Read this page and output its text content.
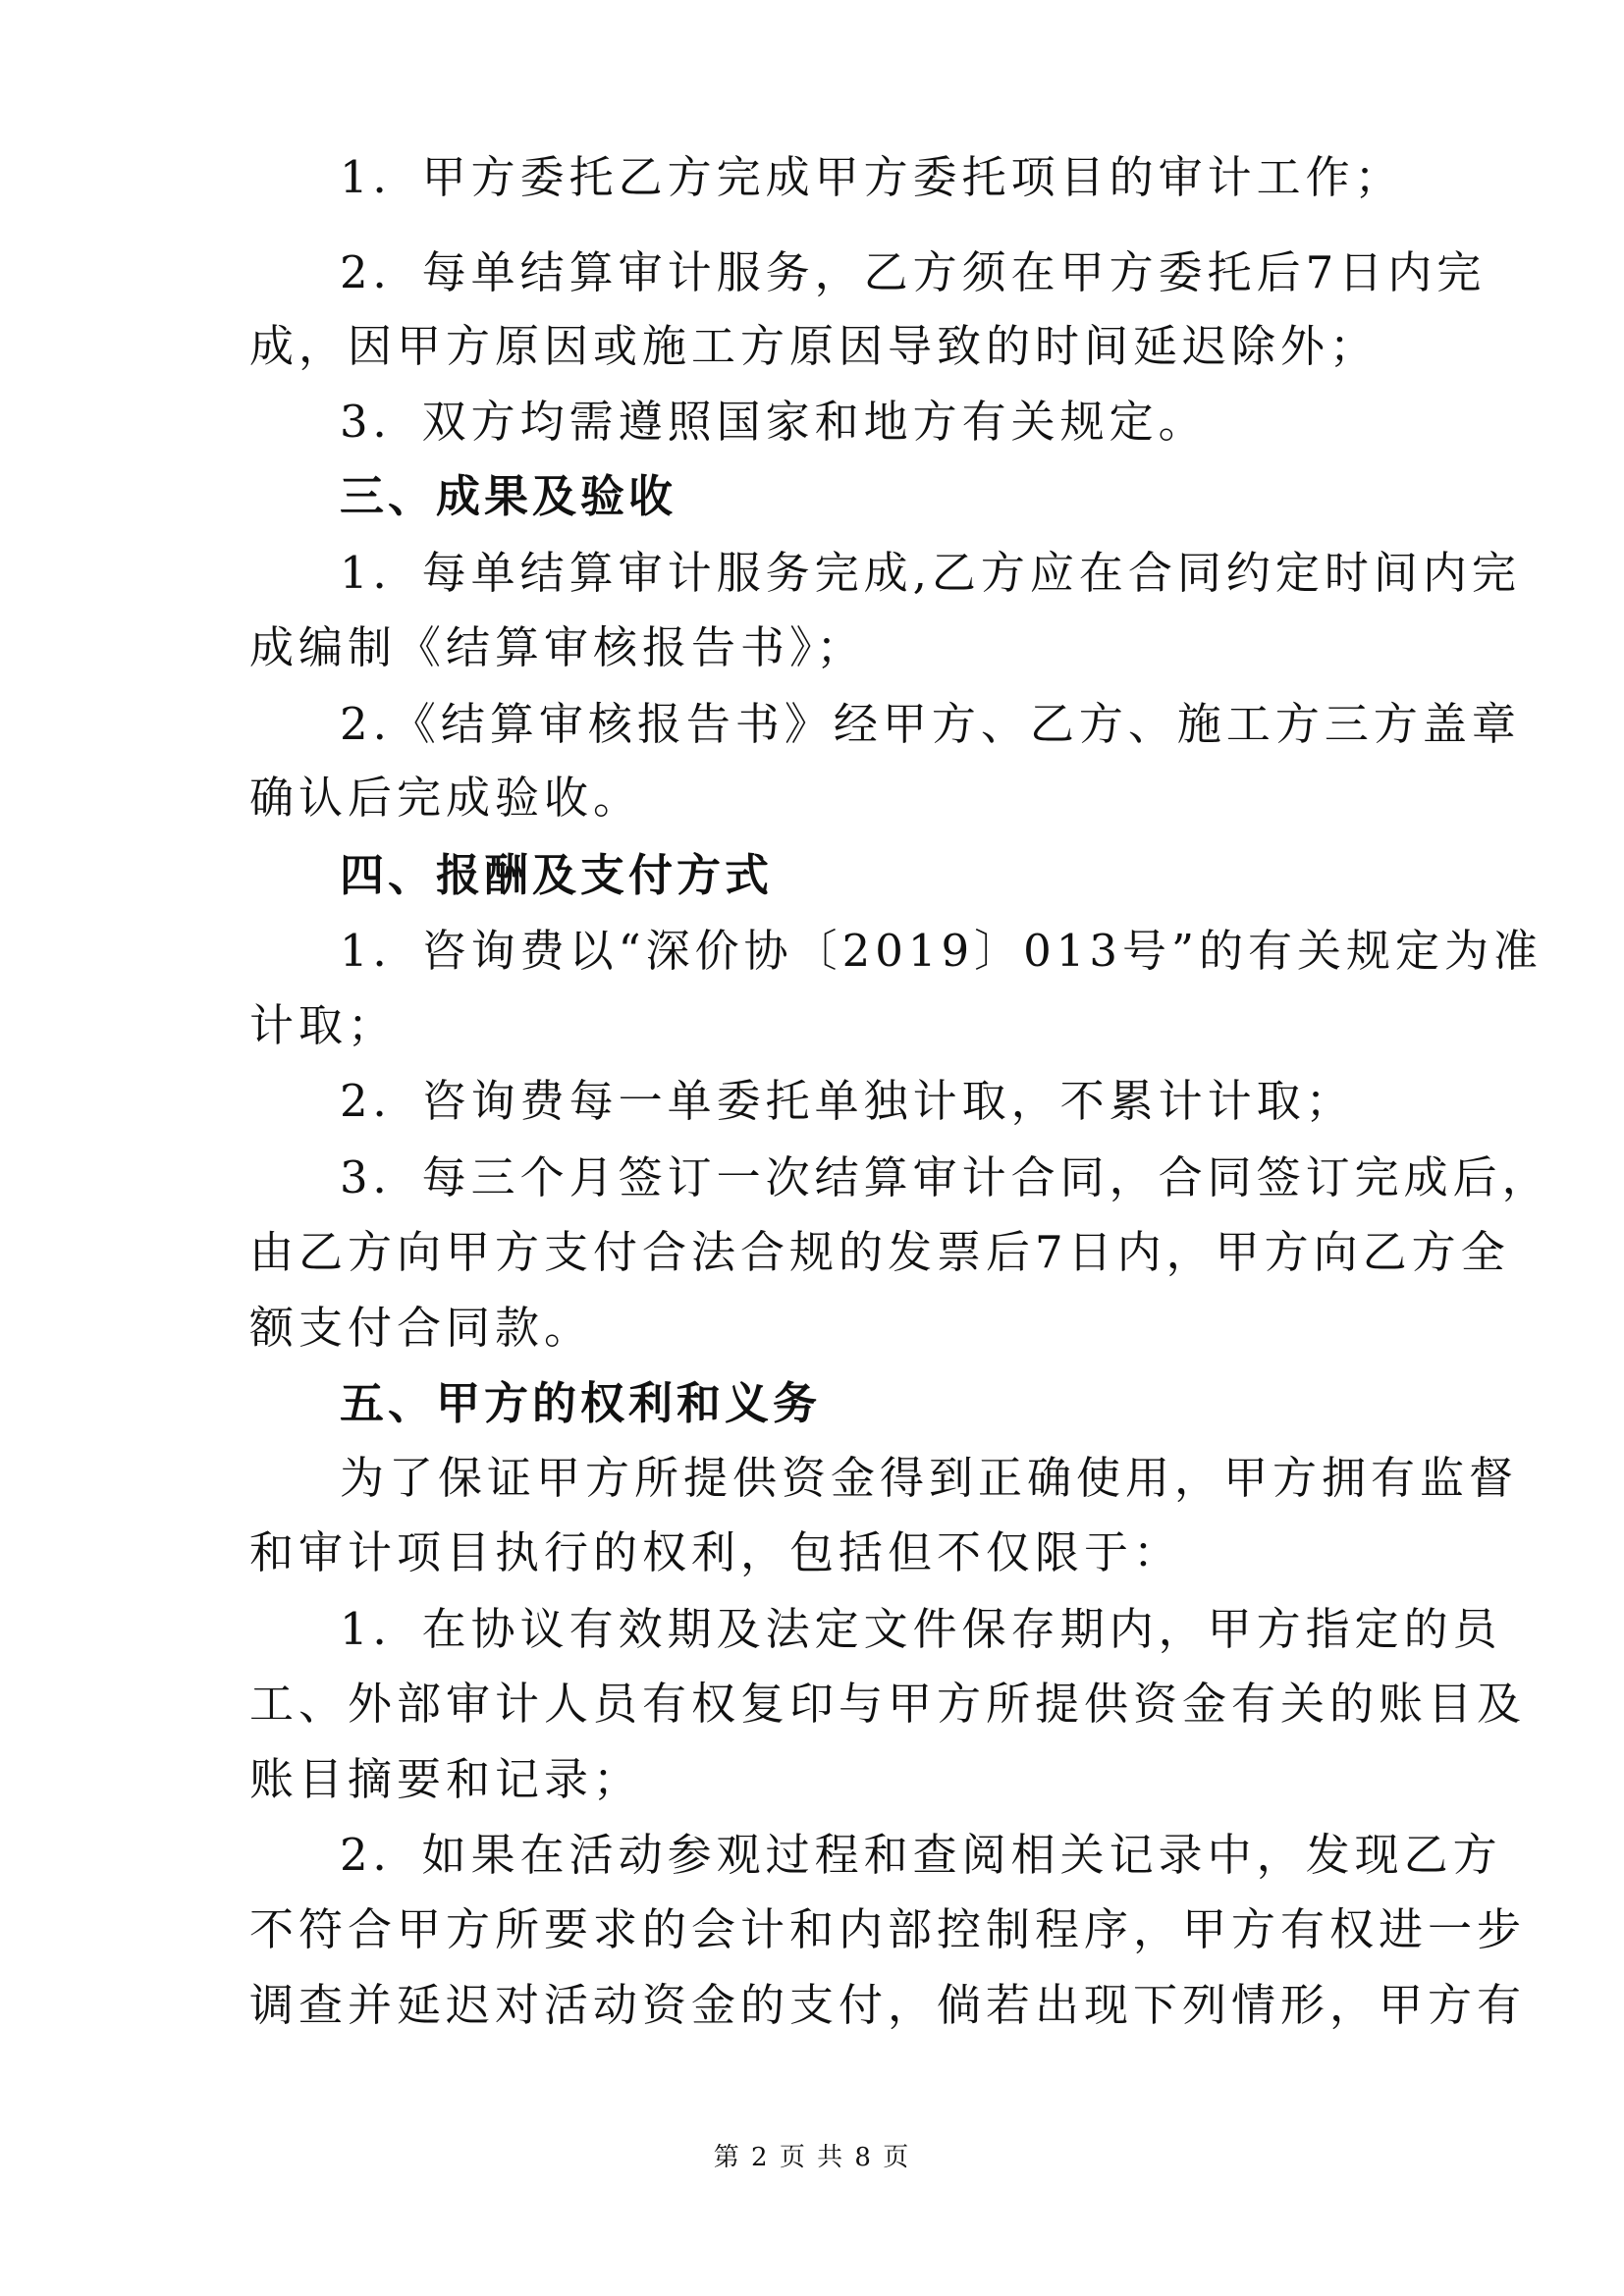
1．甲方委托乙方完成甲方委托项目的审计工作；
2．每单结算审计服务，乙方须在甲方委托后7日内完
成，因甲方原因或施工方原因导致的时间延迟除外；
3．双方均需遵照国家和地方有关规定。
三、成果及验收
1．每单结算审计服务完成,乙方应在合同约定时间内完
成编制《结算审核报告书》；
2.《结算审核报告书》经甲方、乙方、施工方三方盖章
确认后完成验收。
四、报酬及支付方式
1．咨询费以“深价协〔2019〕013号”的有关规定为准
计取；
2．咨询费每一单委托单独计取，不累计计取；
3．每三个月签订一次结算审计合同，合同签订完成后，
由乙方向甲方支付合法合规的发票后7日内，甲方向乙方全
额支付合同款。
五、甲方的权利和义务
为了保证甲方所提供资金得到正确使用，甲方拥有监督
和审计项目执行的权利，包括但不仅限于：
1．在协议有效期及法定文件保存期内，甲方指定的员
工、外部审计人员有权复印与甲方所提供资金有关的账目及
账目摘要和记录；
2．如果在活动参观过程和查阅相关记录中，发现乙方
不符合甲方所要求的会计和内部控制程序，甲方有权进一步
调查并延迟对活动资金的支付，倘若出现下列情形，甲方有
第 2 页 共 8 页
